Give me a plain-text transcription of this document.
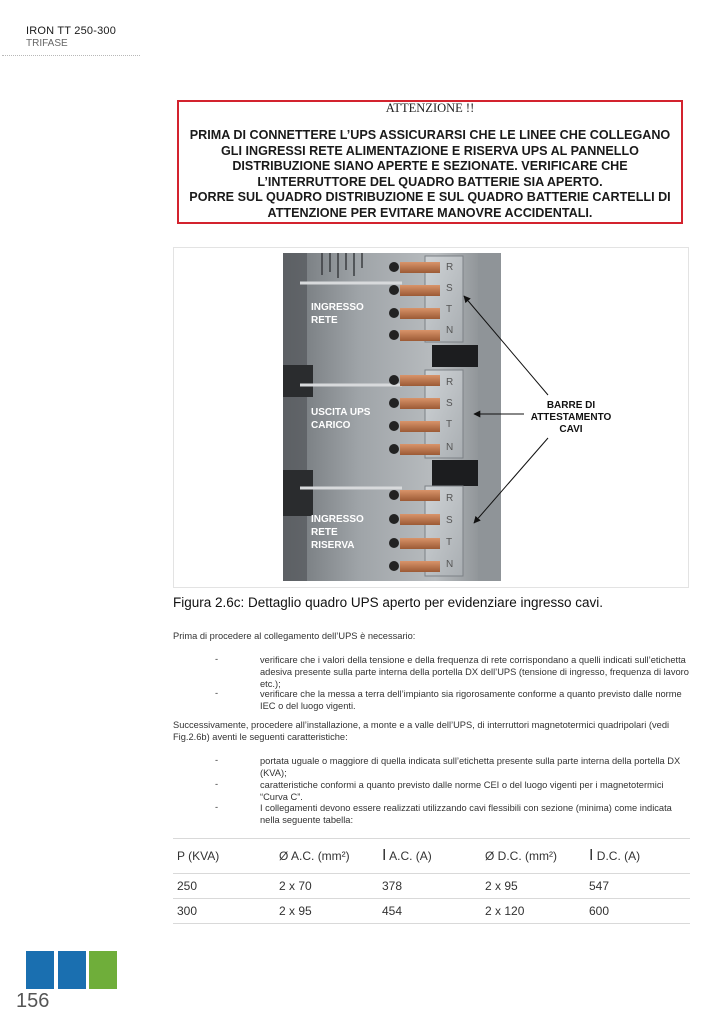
IRON TT 250-300
TRIFASE
ATTENZIONE !!
PRIMA DI CONNETTERE L’UPS ASSICURARSI CHE LE LINEE CHE COLLEGANO
GLI INGRESSI RETE ALIMENTAZIONE E RISERVA UPS AL PANNELLO
DISTRIBUZIONE SIANO APERTE E SEZIONATE. VERIFICARE CHE
L’INTERRUTTORE DEL QUADRO BATTERIE SIA APERTO.
PORRE SUL QUADRO DISTRIBUZIONE E SUL QUADRO BATTERIE CARTELLI DI
ATTENZIONE PER EVITARE MANOVRE ACCIDENTALI.
R
S
T
N
R
S
T
N
R
S
T
N
INGRESSO
RETE
USCITA UPS
CARICO
INGRESSO
RETE
RISERVA
BARRE DI
ATTESTAMENTO
CAVI
Figura 2.6c: Dettaglio quadro UPS aperto per evidenziare ingresso cavi.
Prima di procedere al collegamento dell’UPS è necessario:
-	verificare che i valori della tensione e della frequenza di rete corrispondano a quelli indicati sull’etichetta
adesiva presente sulla parte interna della portella DX dell’UPS (tensione di ingresso, frequenza di lavoro
etc.);
-	verificare che la messa a terra dell’impianto sia rigorosamente conforme a quanto previsto dalle norme
IEC o del luogo vigenti.
Successivamente, procedere all’installazione, a monte e a valle dell’UPS, di interruttori magnetotermici quadripolari (vedi
Fig.2.6b) aventi le seguenti caratteristiche:
-	portata uguale o maggiore di quella indicata sull’etichetta presente sulla parte interna della portella DX
(KVA);
-	caratteristiche conformi a quanto previsto dalle norme CEI o del luogo vigenti per i magnetotermici
“Curva C”.
-	I collegamenti devono essere realizzati utilizzando cavi flessibili con sezione (minima) come indicata
nella seguente tabella:
P (KVA)	Ø A.C. (mm²)	I A.C. (A)	Ø D.C. (mm²)	I D.C. (A)
250	2 x 70	378	2 x 95	547
300	2 x 95	454	2 x 120	600
156
